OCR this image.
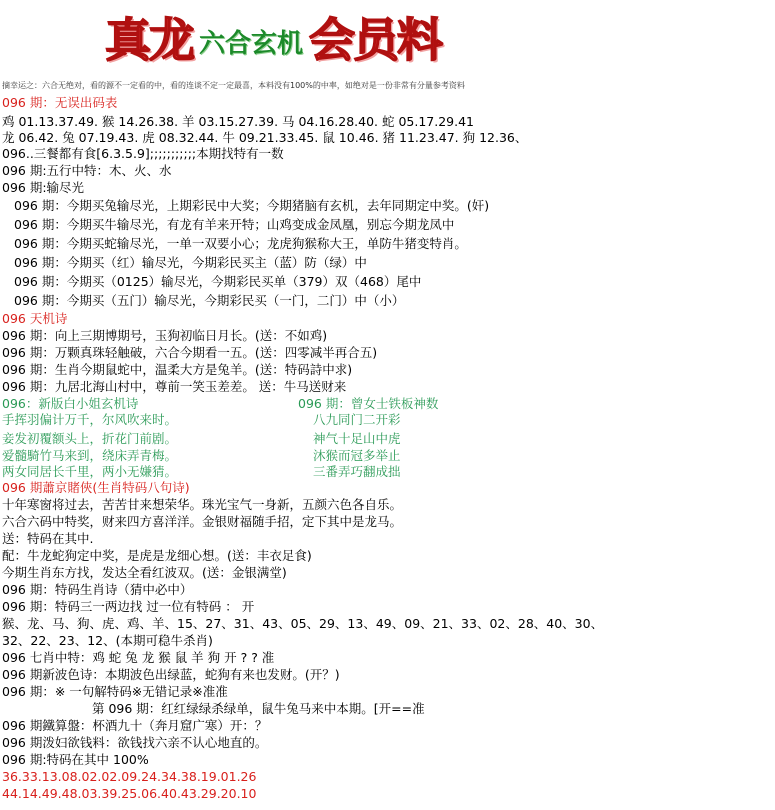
真龙 六合玄机 会员料
摘幸运之：六合无绝对，看的源不一定看的中，看的连谈不定一定最喜，本料没有100%的中率，如绝对是一份非常有分量参考资料
096 期：无误出码表
鸡 01.13.37.49. 猴 14.26.38. 羊 03.15.27.39. 马 04.16.28.40. 蛇 05.17.29.41
龙 06.42. 兔 07.19.43. 虎 08.32.44. 牛 09.21.33.45. 鼠 10.46. 猪 11.23.47. 狗 12.36、
096..三餐都有食[6.3.5.9];;;;;;;;;;;本期找特有一数
096 期:五行中特：木、火、水
096 期:输尽光
096 期：今期买兔输尽光，上期彩民中大奖；今期猪脑有玄机，去年同期定中奖。(奸)
096 期：今期买牛输尽光，有龙有羊来开特；山鸡变成金凤凰，别忘今期龙凤中
096 期：今期买蛇输尽光，一单一双要小心；龙虎狗猴称大王，单防牛猪变特肖。
096 期：今期买（红）输尽光，今期彩民买主（蓝）防（绿）中
096 期：今期买（0125）输尽光，今期彩民买单（379）双（468）尾中
096 期：今期买（五门）输尽光，今期彩民买（一门，二门）中（小）
096 天机诗
096 期：向上三期博期号，玉狗初临日月长。(送：不如鸡)
096 期：万颗真珠轻触破，六合今期看一五。(送：四零减半再合五)
096 期：生肖今期鼠蛇中，温柔大方是兔羊。(送：特码詩中求)
096 期：九居北海山村中，尊前一笑玉差差。 送：牛马送财来
096：新版白小姐玄机诗	096 期：曾女士铁板神数
手挥羽偏计万千，尔风吹来时。	八九同门二开彩
妾发初覆额头上，折花门前剧。	神气十足山中虎
爱髓騎竹马来到，绕床弄青梅。	沐猴而冠多举止
两女同居长千里，两小无嫌猜。	三番弄巧翻成拙
096 期蕭京賭俠(生肖特码八句诗)
十年寒窗将过去，苦苦甘来想荣华。珠光宝气一身新，五颜六色各自乐。
六合六码中特奖，财来四方喜洋洋。金银财福随手招，定下其中是龙马。
送：特码在其中.
配：牛龙蛇狗定中奖，是虎是龙细心想。(送：丰衣足食)
今期生肖东方找，发达全看红波双。(送：金银满堂)
096 期：特码生肖诗（猜中必中）
096 期：特码三一两边找 过一位有特码 ： 开
猴、龙、马、狗、虎、鸡、羊、15、27、31、43、05、29、13、49、09、21、33、02、28、40、30、
32、22、23、12、(本期可稳牛杀肖)
096 七肖中特：鸡 蛇 兔 龙 猴 鼠 羊 狗 开 ? ? 准
096 期新波色诗：本期波色出绿蓝，蛇狗有来也发财。(开？)
096 期：※ 一句解特码※无错记录※准准
第 096 期：红红绿绿杀绿单，鼠牛兔马来中本期。[开==准
096 期鐵算盤：杯酒九十（奔月窟广寒）开：？
096 期泼妇欲钱料：欲钱找六亲不认心地直的。
096 期:特码在其中 100%
36.33.13.08.02.02.09.24.34.38.19.01.26
44.14.49.48.03.39.25.06.40.43.29.20.10
